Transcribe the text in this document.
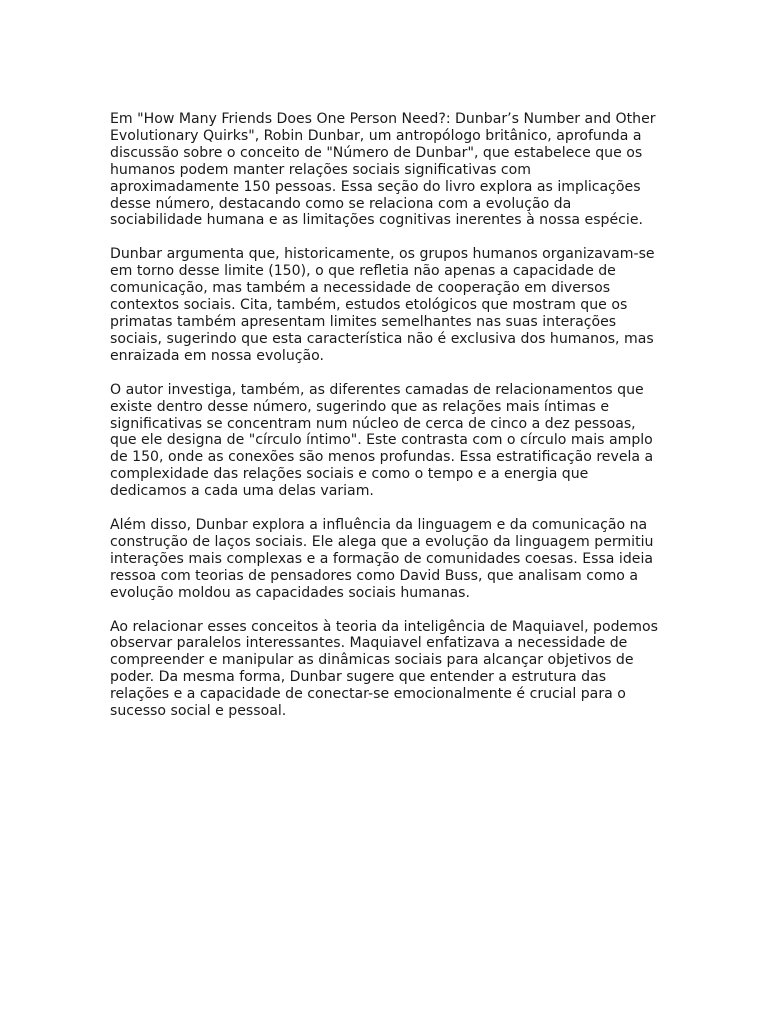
Em "How Many Friends Does One Person Need?: Dunbar’s Number and Other Evolutionary Quirks", Robin Dunbar, um antropólogo britânico, aprofunda a discussão sobre o conceito de "Número de Dunbar", que estabelece que os humanos podem manter relações sociais significativas com aproximadamente 150 pessoas. Essa seção do livro explora as implicações desse número, destacando como se relaciona com a evolução da sociabilidade humana e as limitações cognitivas inerentes à nossa espécie.

Dunbar argumenta que, historicamente, os grupos humanos organizavam-se em torno desse limite (150), o que refletia não apenas a capacidade de comunicação, mas também a necessidade de cooperação em diversos contextos sociais. Cita, também, estudos etológicos que mostram que os primatas também apresentam limites semelhantes nas suas interações sociais, sugerindo que esta característica não é exclusiva dos humanos, mas enraizada em nossa evolução.

O autor investiga, também, as diferentes camadas de relacionamentos que existe dentro desse número, sugerindo que as relações mais íntimas e significativas se concentram num núcleo de cerca de cinco a dez pessoas, que ele designa de "círculo íntimo". Este contrasta com o círculo mais amplo de 150, onde as conexões são menos profundas. Essa estratificação revela a complexidade das relações sociais e como o tempo e a energia que dedicamos a cada uma delas variam.

Além disso, Dunbar explora a influência da linguagem e da comunicação na construção de laços sociais. Ele alega que a evolução da linguagem permitiu interações mais complexas e a formação de comunidades coesas. Essa ideia ressoa com teorias de pensadores como David Buss, que analisam como a evolução moldou as capacidades sociais humanas.

Ao relacionar esses conceitos à teoria da inteligência de Maquiavel, podemos observar paralelos interessantes. Maquiavel enfatizava a necessidade de compreender e manipular as dinâmicas sociais para alcançar objetivos de poder. Da mesma forma, Dunbar sugere que entender a estrutura das relações e a capacidade de conectar-se emocionalmente é crucial para o sucesso social e pessoal.
